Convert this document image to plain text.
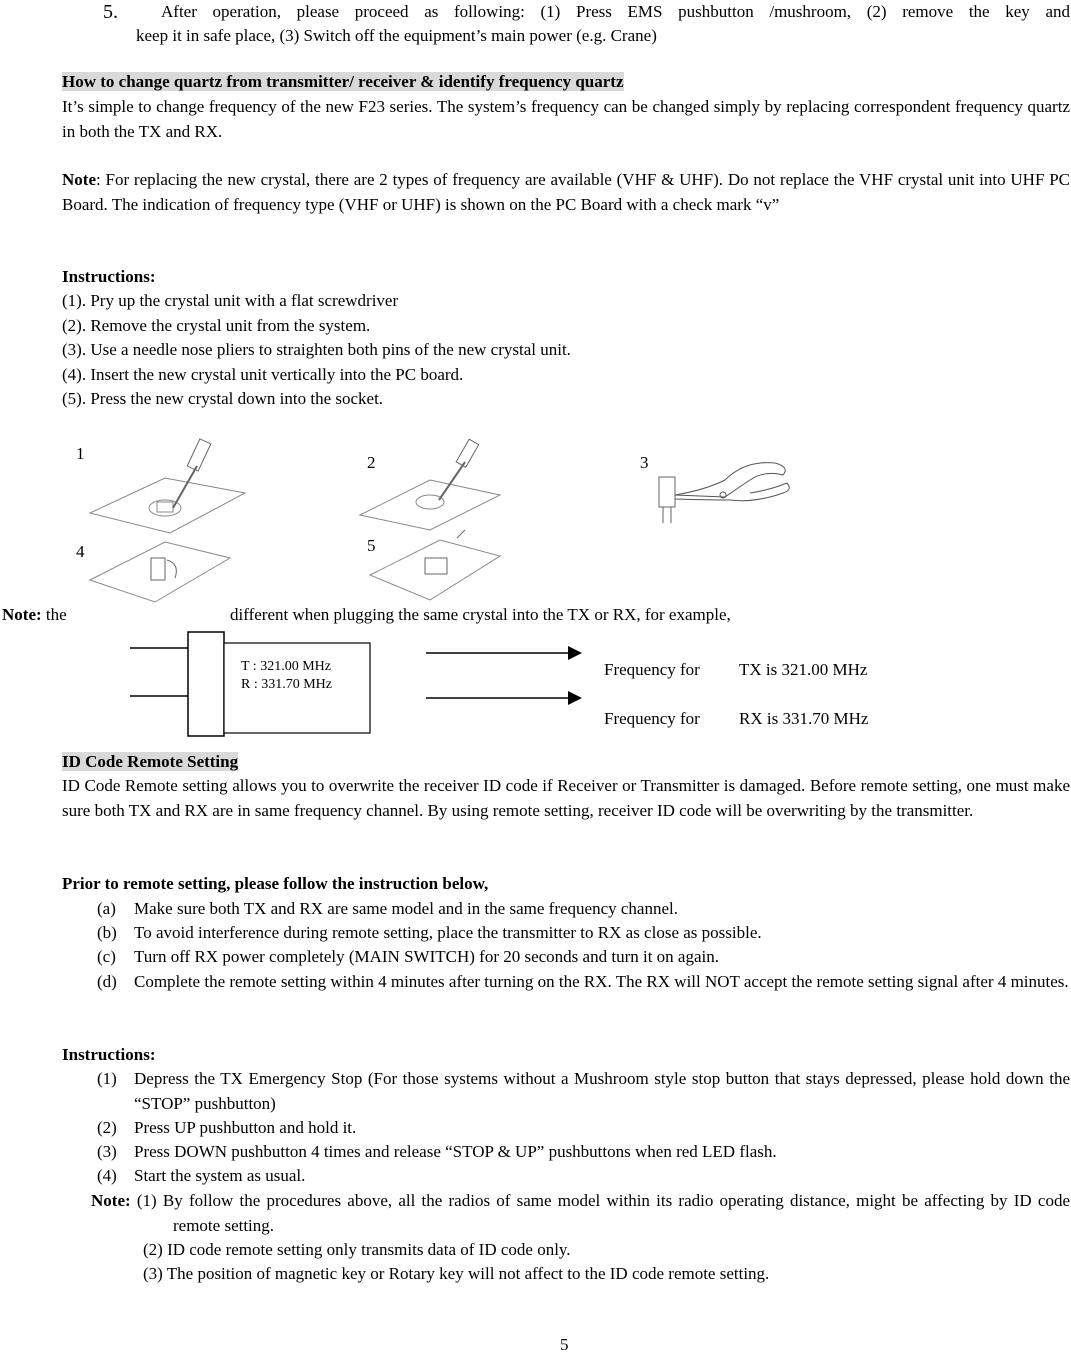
5.	After operation, please proceed as following: (1) Press EMS pushbutton /mushroom, (2) remove the key and
keep it in safe place, (3) Switch off the equipment’s main power (e.g. Crane)
How to change quartz from transmitter/ receiver & identify frequency quartz
It’s simple to change frequency of the new F23 series. The system’s frequency can be changed simply by replacing correspondent frequency quartz in both the TX and RX.
Note: For replacing the new crystal, there are 2 types of frequency are available (VHF & UHF). Do not replace the VHF crystal unit into UHF PC Board. The indication of frequency type (VHF or UHF) is shown on the PC Board with a check mark “v”
Instructions:
(1). Pry up the crystal unit with a flat screwdriver
(2). Remove the crystal unit from the system.
(3). Use a needle nose pliers to straighten both pins of the new crystal unit.
(4). Insert the new crystal unit vertically into the PC board.
(5). Press the new crystal down into the socket.
1	2	3
4	5
Note: the	different when plugging the same crystal into the TX or RX, for example,
T : 321.00 MHz
R : 331.70 MHz
Frequency for TX is 321.00 MHz
Frequency for RX is 331.70 MHz
ID Code Remote Setting
ID Code Remote setting allows you to overwrite the receiver ID code if Receiver or Transmitter is damaged. Before remote setting, one must make sure both TX and RX are in same frequency channel. By using remote setting, receiver ID code will be overwriting by the transmitter.
Prior to remote setting, please follow the instruction below,
(a) Make sure both TX and RX are same model and in the same frequency channel.
(b) To avoid interference during remote setting, place the transmitter to RX as close as possible.
(c) Turn off RX power completely (MAIN SWITCH) for 20 seconds and turn it on again.
(d) Complete the remote setting within 4 minutes after turning on the RX. The RX will NOT accept the remote setting signal after 4 minutes.
Instructions:
(1) Depress the TX Emergency Stop (For those systems without a Mushroom style stop button that stays depressed, please hold down the “STOP” pushbutton)
(2) Press UP pushbutton and hold it.
(3) Press DOWN pushbutton 4 times and release “STOP & UP” pushbuttons when red LED flash.
(4) Start the system as usual.
Note: (1) By follow the procedures above, all the radios of same model within its radio operating distance, might be affecting by ID code remote setting.
(2) ID code remote setting only transmits data of ID code only.
(3) The position of magnetic key or Rotary key will not affect to the ID code remote setting.
5
